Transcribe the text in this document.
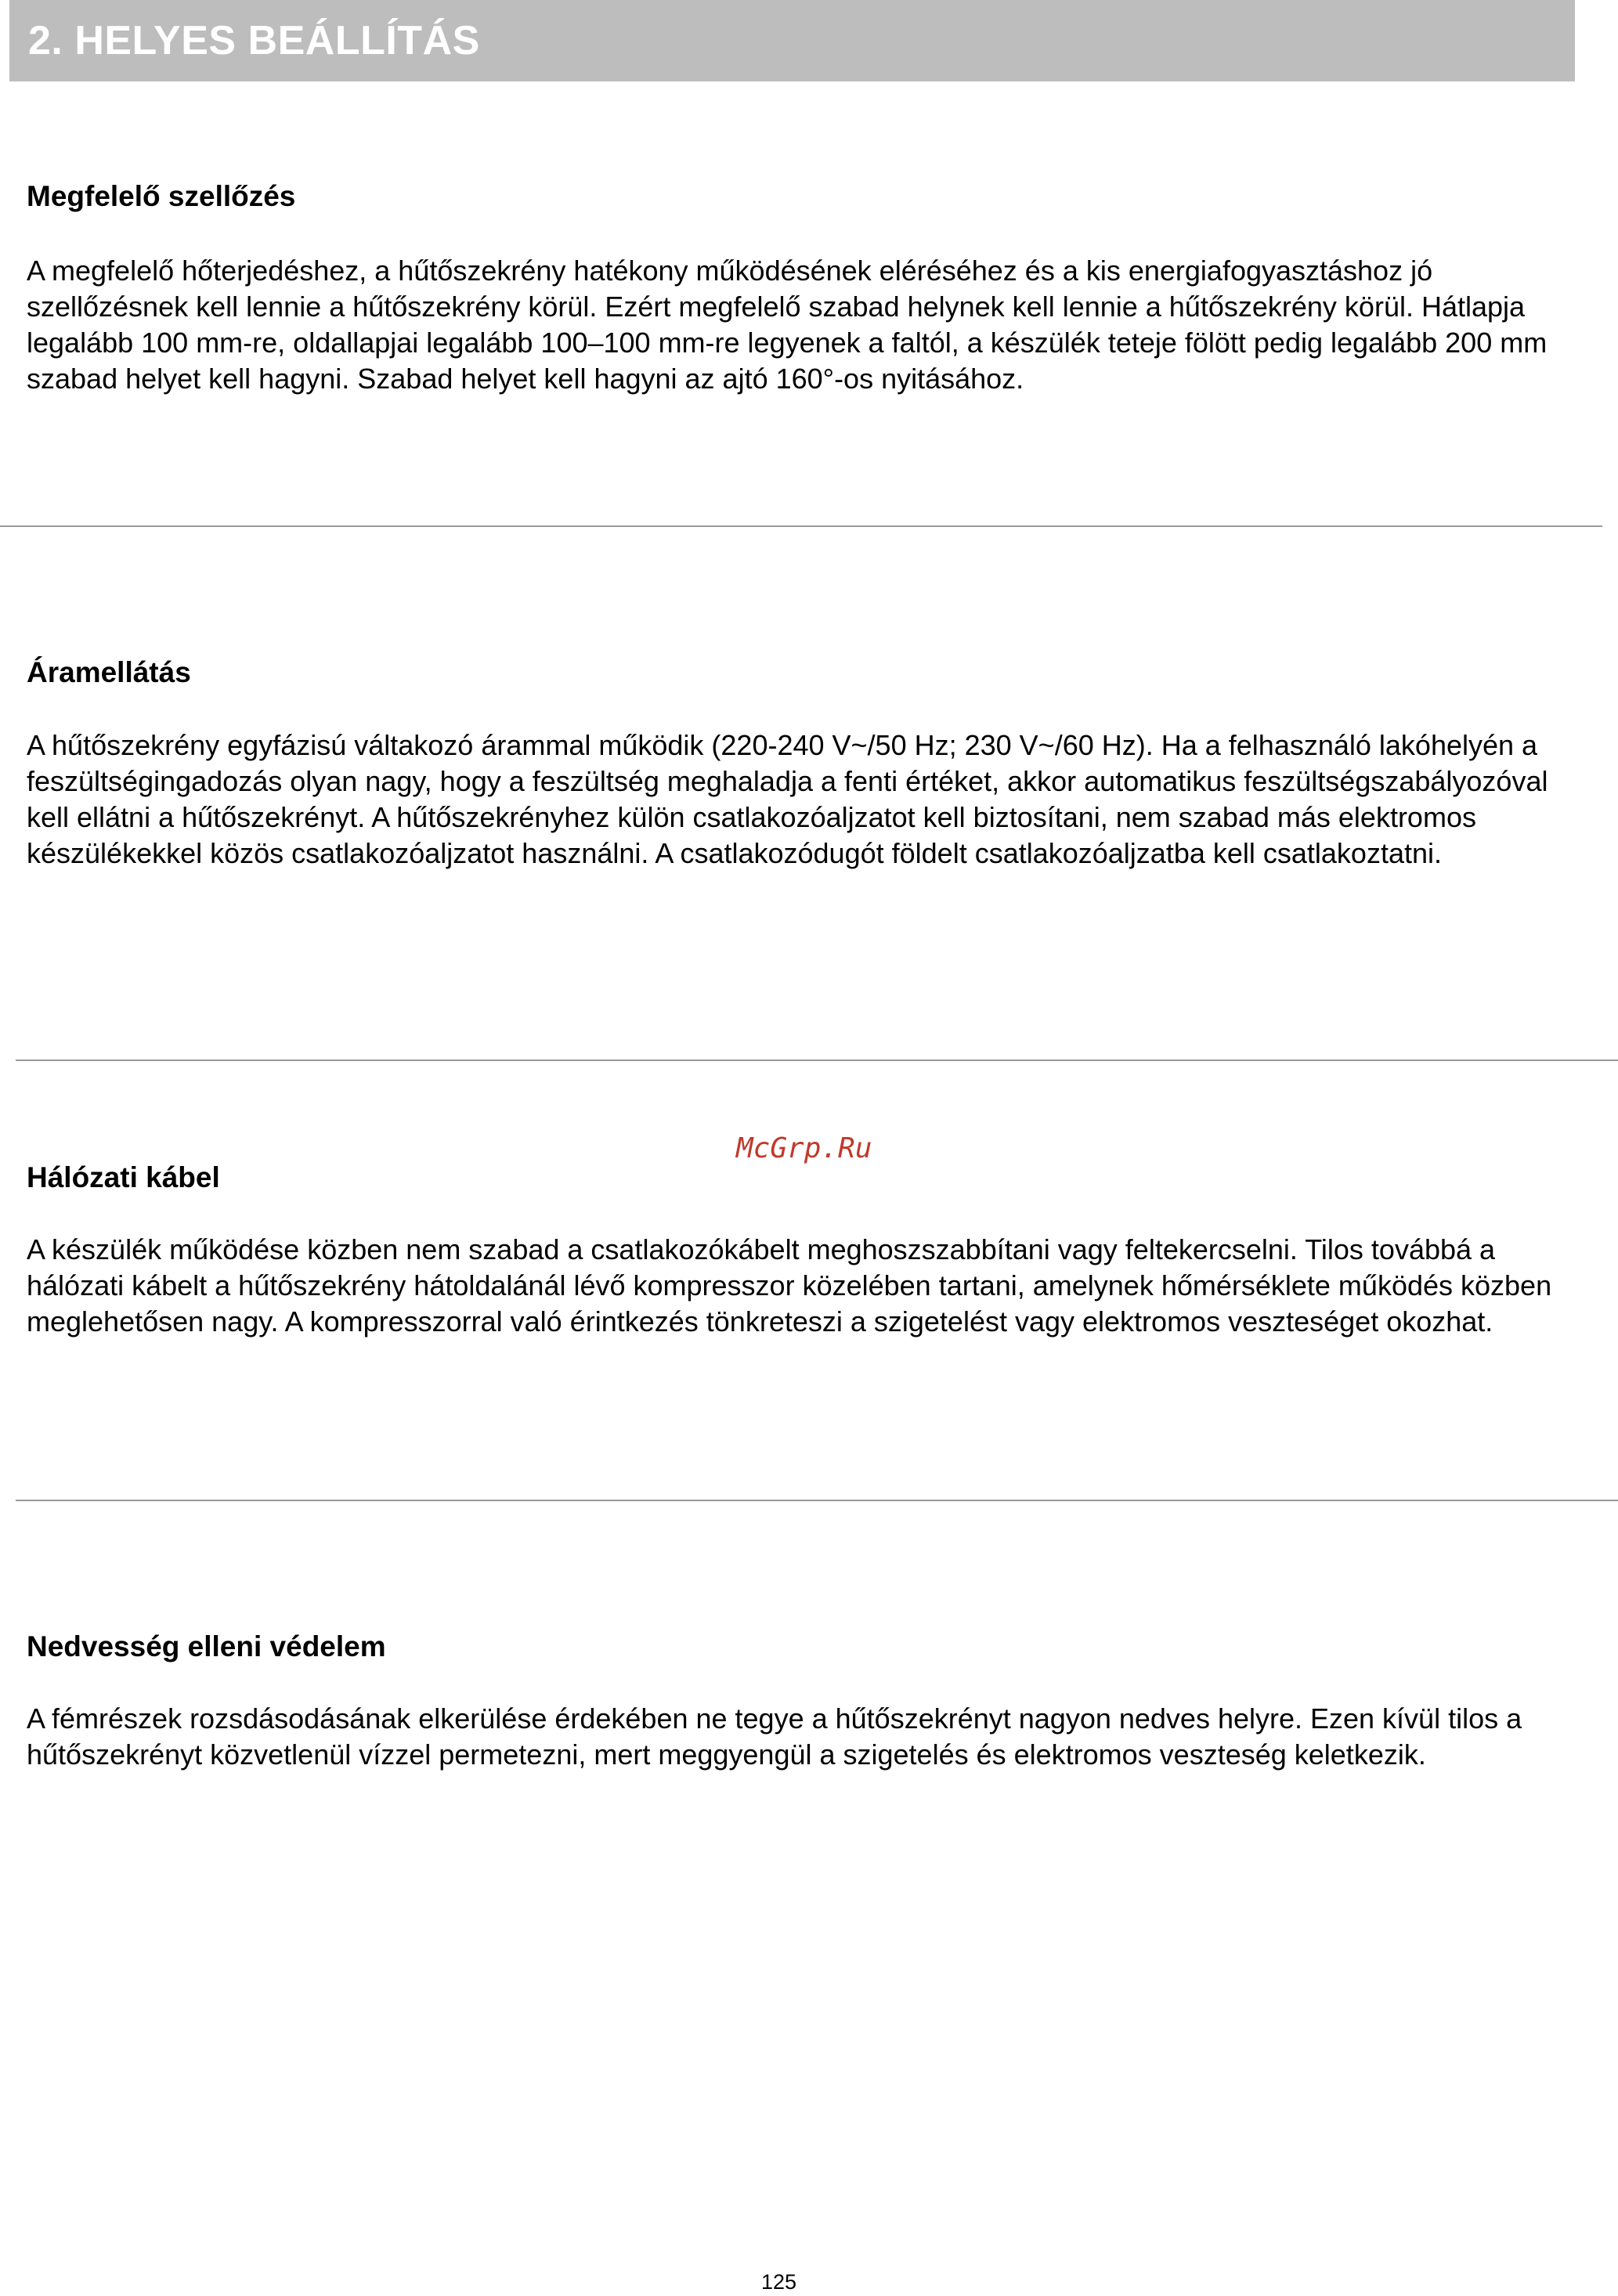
2. HELYES BEÁLLÍTÁS
Megfelelő szellőzés

A megfelelő hőterjedéshez, a hűtőszekrény hatékony működésének eléréséhez és a kis energiafogyasztáshoz jó szellőzésnek kell lennie a hűtőszekrény körül. Ezért megfelelő szabad helynek kell lennie a hűtőszekrény körül. Hátlapja legalább 100 mm-re, oldallapjai legalább 100–100 mm-re legyenek a faltól, a készülék teteje fölött pedig legalább 200 mm szabad helyet kell hagyni. Szabad helyet kell hagyni az ajtó 160°-os nyitásához.

Áramellátás

A hűtőszekrény egyfázisú váltakozó árammal működik (220-240 V~/50 Hz; 230 V~/60 Hz). Ha a felhasználó lakóhelyén a feszültségingadozás olyan nagy, hogy a feszültség meghaladja a fenti értéket, akkor automatikus feszültségszabályozóval kell ellátni a hűtőszekrényt. A hűtőszekrényhez külön csatlakozóaljzatot kell biztosítani, nem szabad más elektromos készülékekkel közös csatlakozóaljzatot használni. A csatlakozódugót földelt csatlakozóaljzatba kell csatlakoztatni.

McGrp.Ru
Hálózati kábel

A készülék működése közben nem szabad a csatlakozókábelt meghoszszabbítani vagy feltekercselni. Tilos továbbá a hálózati kábelt a hűtőszekrény hátoldalánál lévő kompresszor közelében tartani, amelynek hőmérséklete működés közben meglehetősen nagy. A kompresszorral való érintkezés tönkreteszi a szigetelést vagy elektromos veszteséget okozhat.

Nedvesség elleni védelem

A fémrészek rozsdásodásának elkerülése érdekében ne tegye a hűtőszekrényt nagyon nedves helyre. Ezen kívül tilos a hűtőszekrényt közvetlenül vízzel permetezni, mert meggyengül a szigetelés és elektromos veszteség keletkezik.

125
